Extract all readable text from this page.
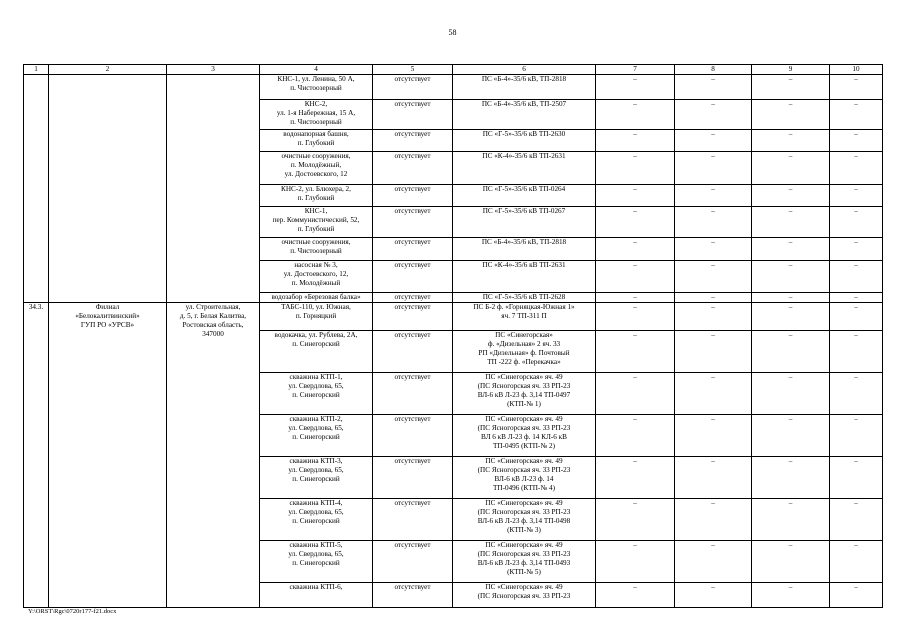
58
1	2	3	4	5	6	7	8	9	10
			КНС-1, ул. Ленина, 50 А,
п. Чистоозерный	отсутствует	ПС «Б-4»-35/6 кВ, ТП-2818	–	–	–	–
			КНС-2,
ул. 1-я Набережная, 15 А,
п. Чистоозерный	отсутствует	ПС «Б-4»-35/6 кВ, ТП-2507	–	–	–	–
			водонапорная башня,
п. Глубокий	отсутствует	ПС «Г-5»-35/6 кВ ТП-2630	–	–	–	–
			очистные сооружения,
п. Молодёжный,
ул. Достоевского, 12	отсутствует	ПС «К-4»-35/6 кВ ТП-2631	–	–	–	–
			КНС-2, ул. Блюхера, 2,
п. Глубокий	отсутствует	ПС «Г-5»-35/6 кВ ТП-0264	–	–	–	–
			КНС-1,
пер. Коммунистический, 52,
п. Глубокий	отсутствует	ПС «Г-5»-35/6 кВ ТП-0267	–	–	–	–
			очистные сооружения,
п. Чистоозерный	отсутствует	ПС «Б-4»-35/6 кВ, ТП-2818	–	–	–	–
			насосная № 3,
ул. Достоевского, 12,
п. Молодёжный	отсутствует	ПС «К-4»-35/6 кВ ТП-2631	–	–	–	–
			водозабор «Березовая балка»	отсутствует	ПС «Г-5»-35/6 кВ ТП-2628	–	–	–	–
34.3.	Филиал
«Белокалитвинский»
ГУП РО «УРСВ»	ул. Строительная,
д. 5, г. Белая Калитва,
Ростовская область,
347000	ТАБС-110, ул. Южная,
п. Горняцкий	отсутствует	ПС Б-2 ф. «Горняцкая-Южная 1»
яч. 7 ТП-311 П	–	–	–	–
			водокачка, ул. Рублева, 2А,
п. Синегорский	отсутствует	ПС «Синегорская»
ф. «Дизельная» 2 яч. 33
РП «Дизельная» ф. Почтовый
ТП -222 ф. «Перекачка»	–	–	–	–
			скважина КТП-1,
ул. Свердлова, 65,
п. Синегорский	отсутствует	ПС «Синегорская» яч. 49
(ПС Ясногорская яч. 33 РП-23
ВЛ-6 кВ Л-23 ф. 3,14 ТП-0497
(КТП-№ 1)	–	–	–	–
			скважина КТП-2,
ул. Свердлова, 65,
п. Синегорский	отсутствует	ПС «Синегорская» яч. 49
(ПС Ясногорская яч. 33 РП-23
ВЛ 6 кВ Л-23 ф. 14 КЛ-6 кВ
ТП-0495 (КТП-№ 2)	–	–	–	–
			скважина КТП-3,
ул. Свердлова, 65,
п. Синегорский	отсутствует	ПС «Синегорская» яч. 49
(ПС Ясногорская яч. 33 РП-23
ВЛ-6 кВ Л-23 ф. 14
ТП-0496 (КТП-№ 4)	–	–	–	–
			скважина КТП-4,
ул. Свердлова, 65,
п. Синегорский	отсутствует	ПС «Синегорская» яч. 49
(ПС Ясногорская яч. 33 РП-23
ВЛ-6 кВ Л-23 ф. 3,14 ТП-0498
(КТП-№ 3)	–	–	–	–
			скважина КТП-5,
ул. Свердлова, 65,
п. Синегорский	отсутствует	ПС «Синегорская» яч. 49
(ПС Ясногорская яч. 33 РП-23
ВЛ-6 кВ Л-23 ф. 3,14 ТП-0493
(КТП-№ 5)	–	–	–	–
			скважина КТП-6,	отсутствует	ПС «Синегорская» яч. 49
(ПС Ясногорская яч. 33 РП-23	–	–	–	–
Y:\ORST\Rgc\0720r177-f21.docx
